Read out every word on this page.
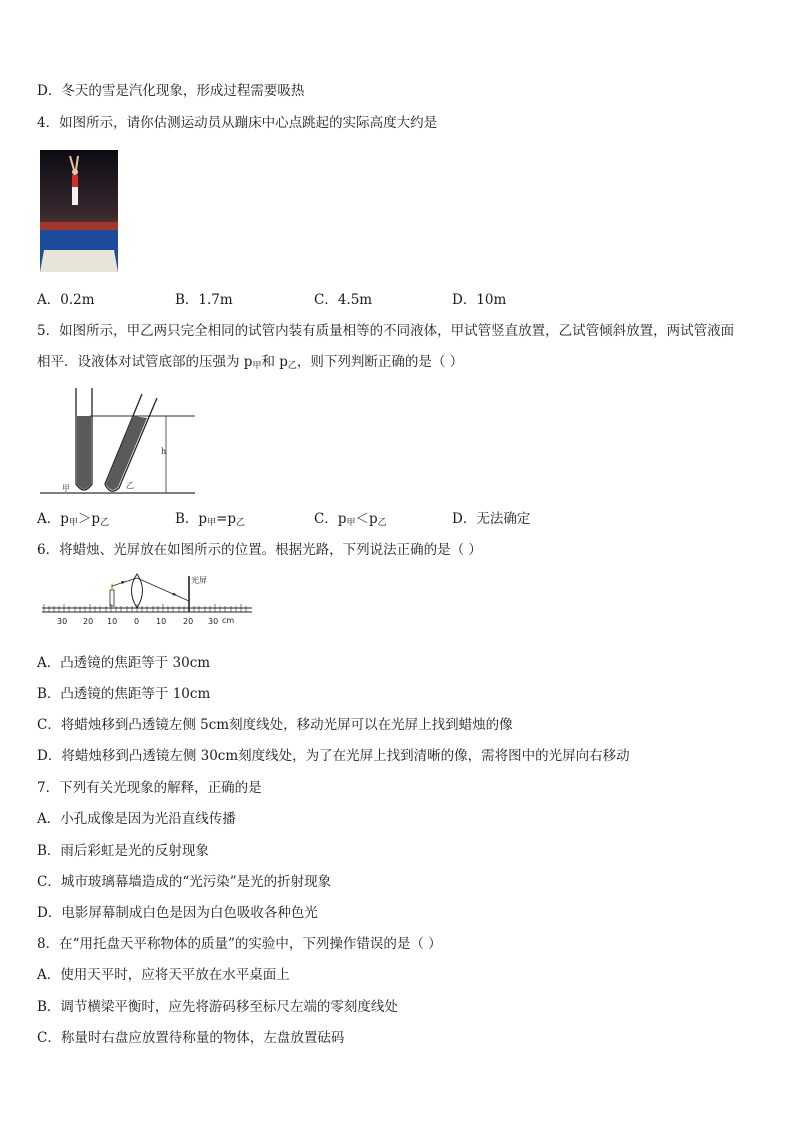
D．冬天的雪是汽化现象，形成过程需要吸热
4．如图所示，请你估测运动员从蹦床中心点跳起的实际高度大约是
A．0.2m	B．1.7m	C．4.5m	D．10m
5．如图所示，甲乙两只完全相同的试管内装有质量相等的不同液体，甲试管竖直放置，乙试管倾斜放置，两试管液面
相平．设液体对试管底部的压强为 $p_甲$和 $p_乙$，则下列判断正确的是（ ）
h
甲	乙
A．$p_甲>p_乙$	B．$p_甲=p_乙$	C．$p_甲<p_乙$	D．无法确定
6．将蜡烛、光屏放在如图所示的位置。根据光路，下列说法正确的是（ ）
光屏
30 20 10 0 10 20 30 cm
A．凸透镜的焦距等于 30cm
B．凸透镜的焦距等于 10cm
C．将蜡烛移到凸透镜左侧 5cm刻度线处，移动光屏可以在光屏上找到蜡烛的像
D．将蜡烛移到凸透镜左侧 30cm刻度线处，为了在光屏上找到清晰的像，需将图中的光屏向右移动
7．下列有关光现象的解释，正确的是
A．小孔成像是因为光沿直线传播
B．雨后彩虹是光的反射现象
C．城市玻璃幕墙造成的“光污染”是光的折射现象
D．电影屏幕制成白色是因为白色吸收各种色光
8．在“用托盘天平称物体的质量”的实验中，下列操作错误的是（ ）
A．使用天平时，应将天平放在水平桌面上
B．调节横梁平衡时，应先将游码移至标尺左端的零刻度线处
C．称量时右盘应放置待称量的物体，左盘放置砝码
